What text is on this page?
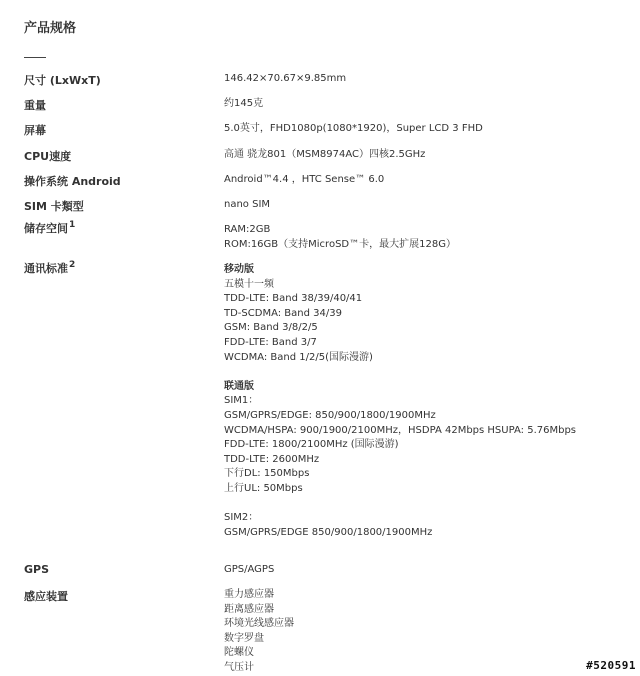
产品规格
尺寸 (LxWxT)	146.42×70.67×9.85mm
重量	约145克
屏幕	5.0英寸，FHD1080p(1080*1920)，Super LCD 3 FHD
CPU速度	高通 骁龙801（MSM8974AC）四核2.5GHz
操作系统 Android	Android™4.4 ，HTC Sense™ 6.0
SIM 卡類型	nano SIM
储存空间$^1$	RAM:2GB
ROM:16GB（支持MicroSD™卡，最大扩展128G）
通讯标准$^2$	移动版
五模十一频
TDD-LTE: Band 38/39/40/41
TD-SCDMA: Band 34/39
GSM: Band 3/8/2/5
FDD-LTE: Band 3/7
WCDMA: Band 1/2/5(国际漫游)
联通版
SIM1：
GSM/GPRS/EDGE: 850/900/1800/1900MHz
WCDMA/HSPA: 900/1900/2100MHz，HSDPA 42Mbps HSUPA: 5.76Mbps
FDD-LTE: 1800/2100MHz (国际漫游)
TDD-LTE: 2600MHz
下行DL: 150Mbps
上行UL: 50Mbps
SIM2：
GSM/GPRS/EDGE 850/900/1800/1900MHz
GPS	GPS/AGPS
感应装置	重力感应器
距离感应器
环境光线感应器
数字罗盘
陀螺仪
气压计	#520591
